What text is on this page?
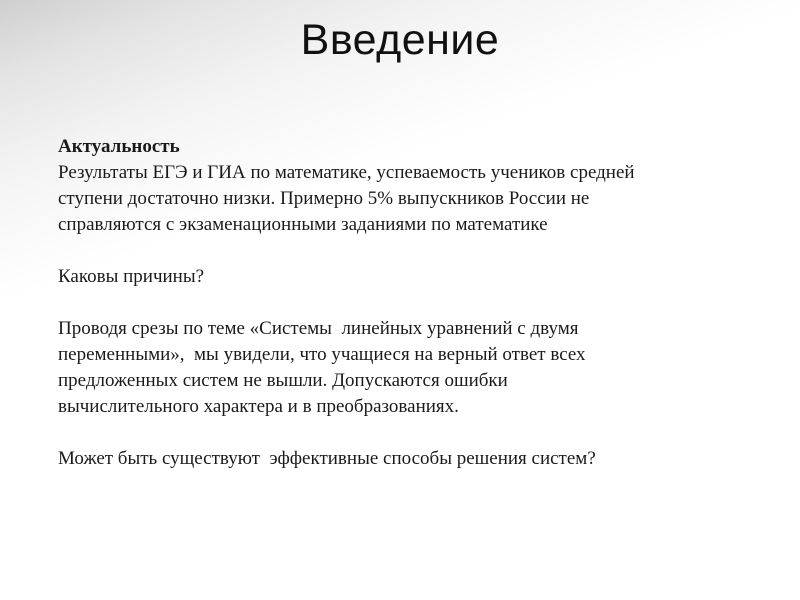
Введение

Актуальность

Результаты ЕГЭ и ГИА по математике, успеваемость учеников средней

ступени достаточно низки. Примерно 5% выпускников России не

справляются с экзаменационными заданиями по математике

Каковы причины?

Проводя срезы по теме «Системы  линейных уравнений с двумя

переменными»,  мы увидели, что учащиеся на верный ответ всех

предложенных систем не вышли. Допускаются ошибки

вычислительного характера и в преобразованиях.

Может быть существуют  эффективные способы решения систем?
